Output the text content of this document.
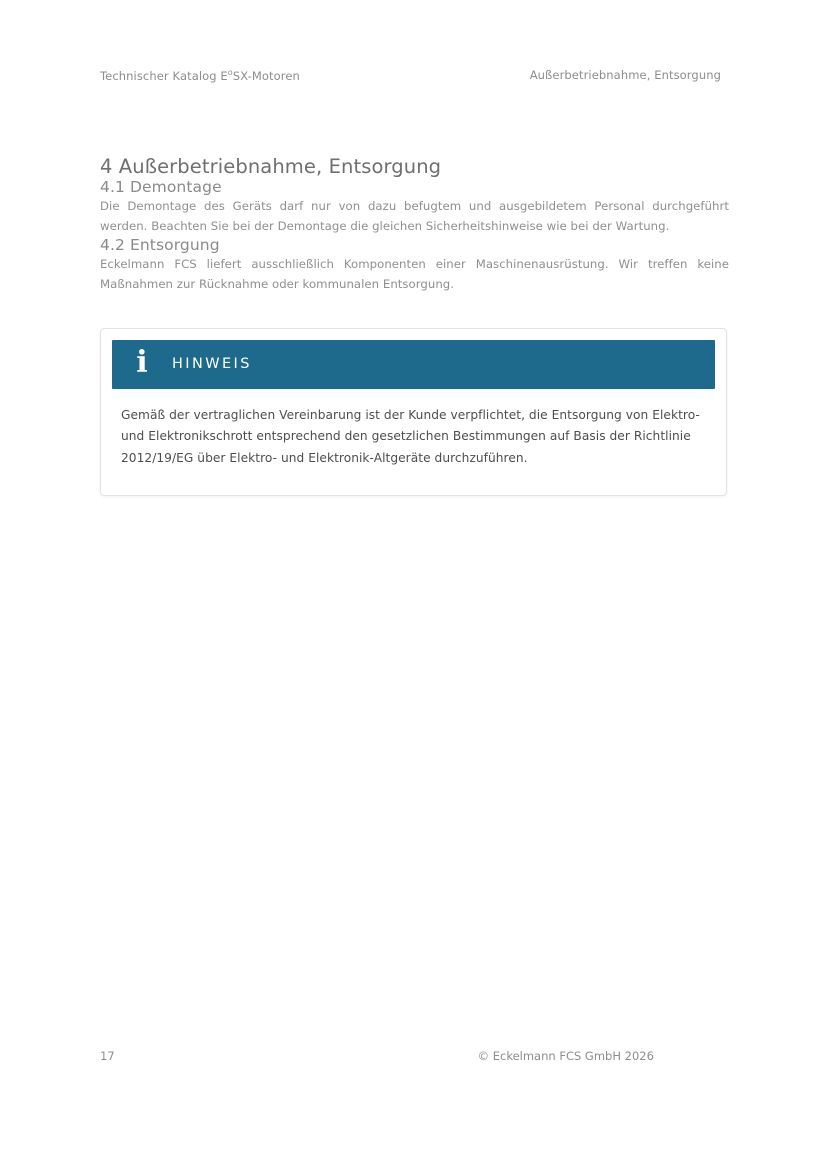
Technischer Katalog $E^oSX$-Motoren	Außerbetriebnahme, Entsorgung
4 Außerbetriebnahme, Entsorgung
4.1 Demontage

Die Demontage des Geräts darf nur von dazu befugtem und ausgebildetem Personal durchgeführt werden. Beachten Sie bei der Demontage die gleichen Sicherheitshinweise wie bei der Wartung.

4.2 Entsorgung

Eckelmann FCS liefert ausschließlich Komponenten einer Maschinenausrüstung. Wir treffen keine Maßnahmen zur Rücknahme oder kommunalen Entsorgung.

i	HINWEIS
Gemäß der vertraglichen Vereinbarung ist der Kunde verpflichtet, die Entsorgung von Elektro- und Elektronikschrott entsprechend den gesetzlichen Bestimmungen auf Basis der Richtlinie 2012/19/EG über Elektro- und Elektronik-Altgeräte durchzuführen.
17	© Eckelmann FCS GmbH 2026
